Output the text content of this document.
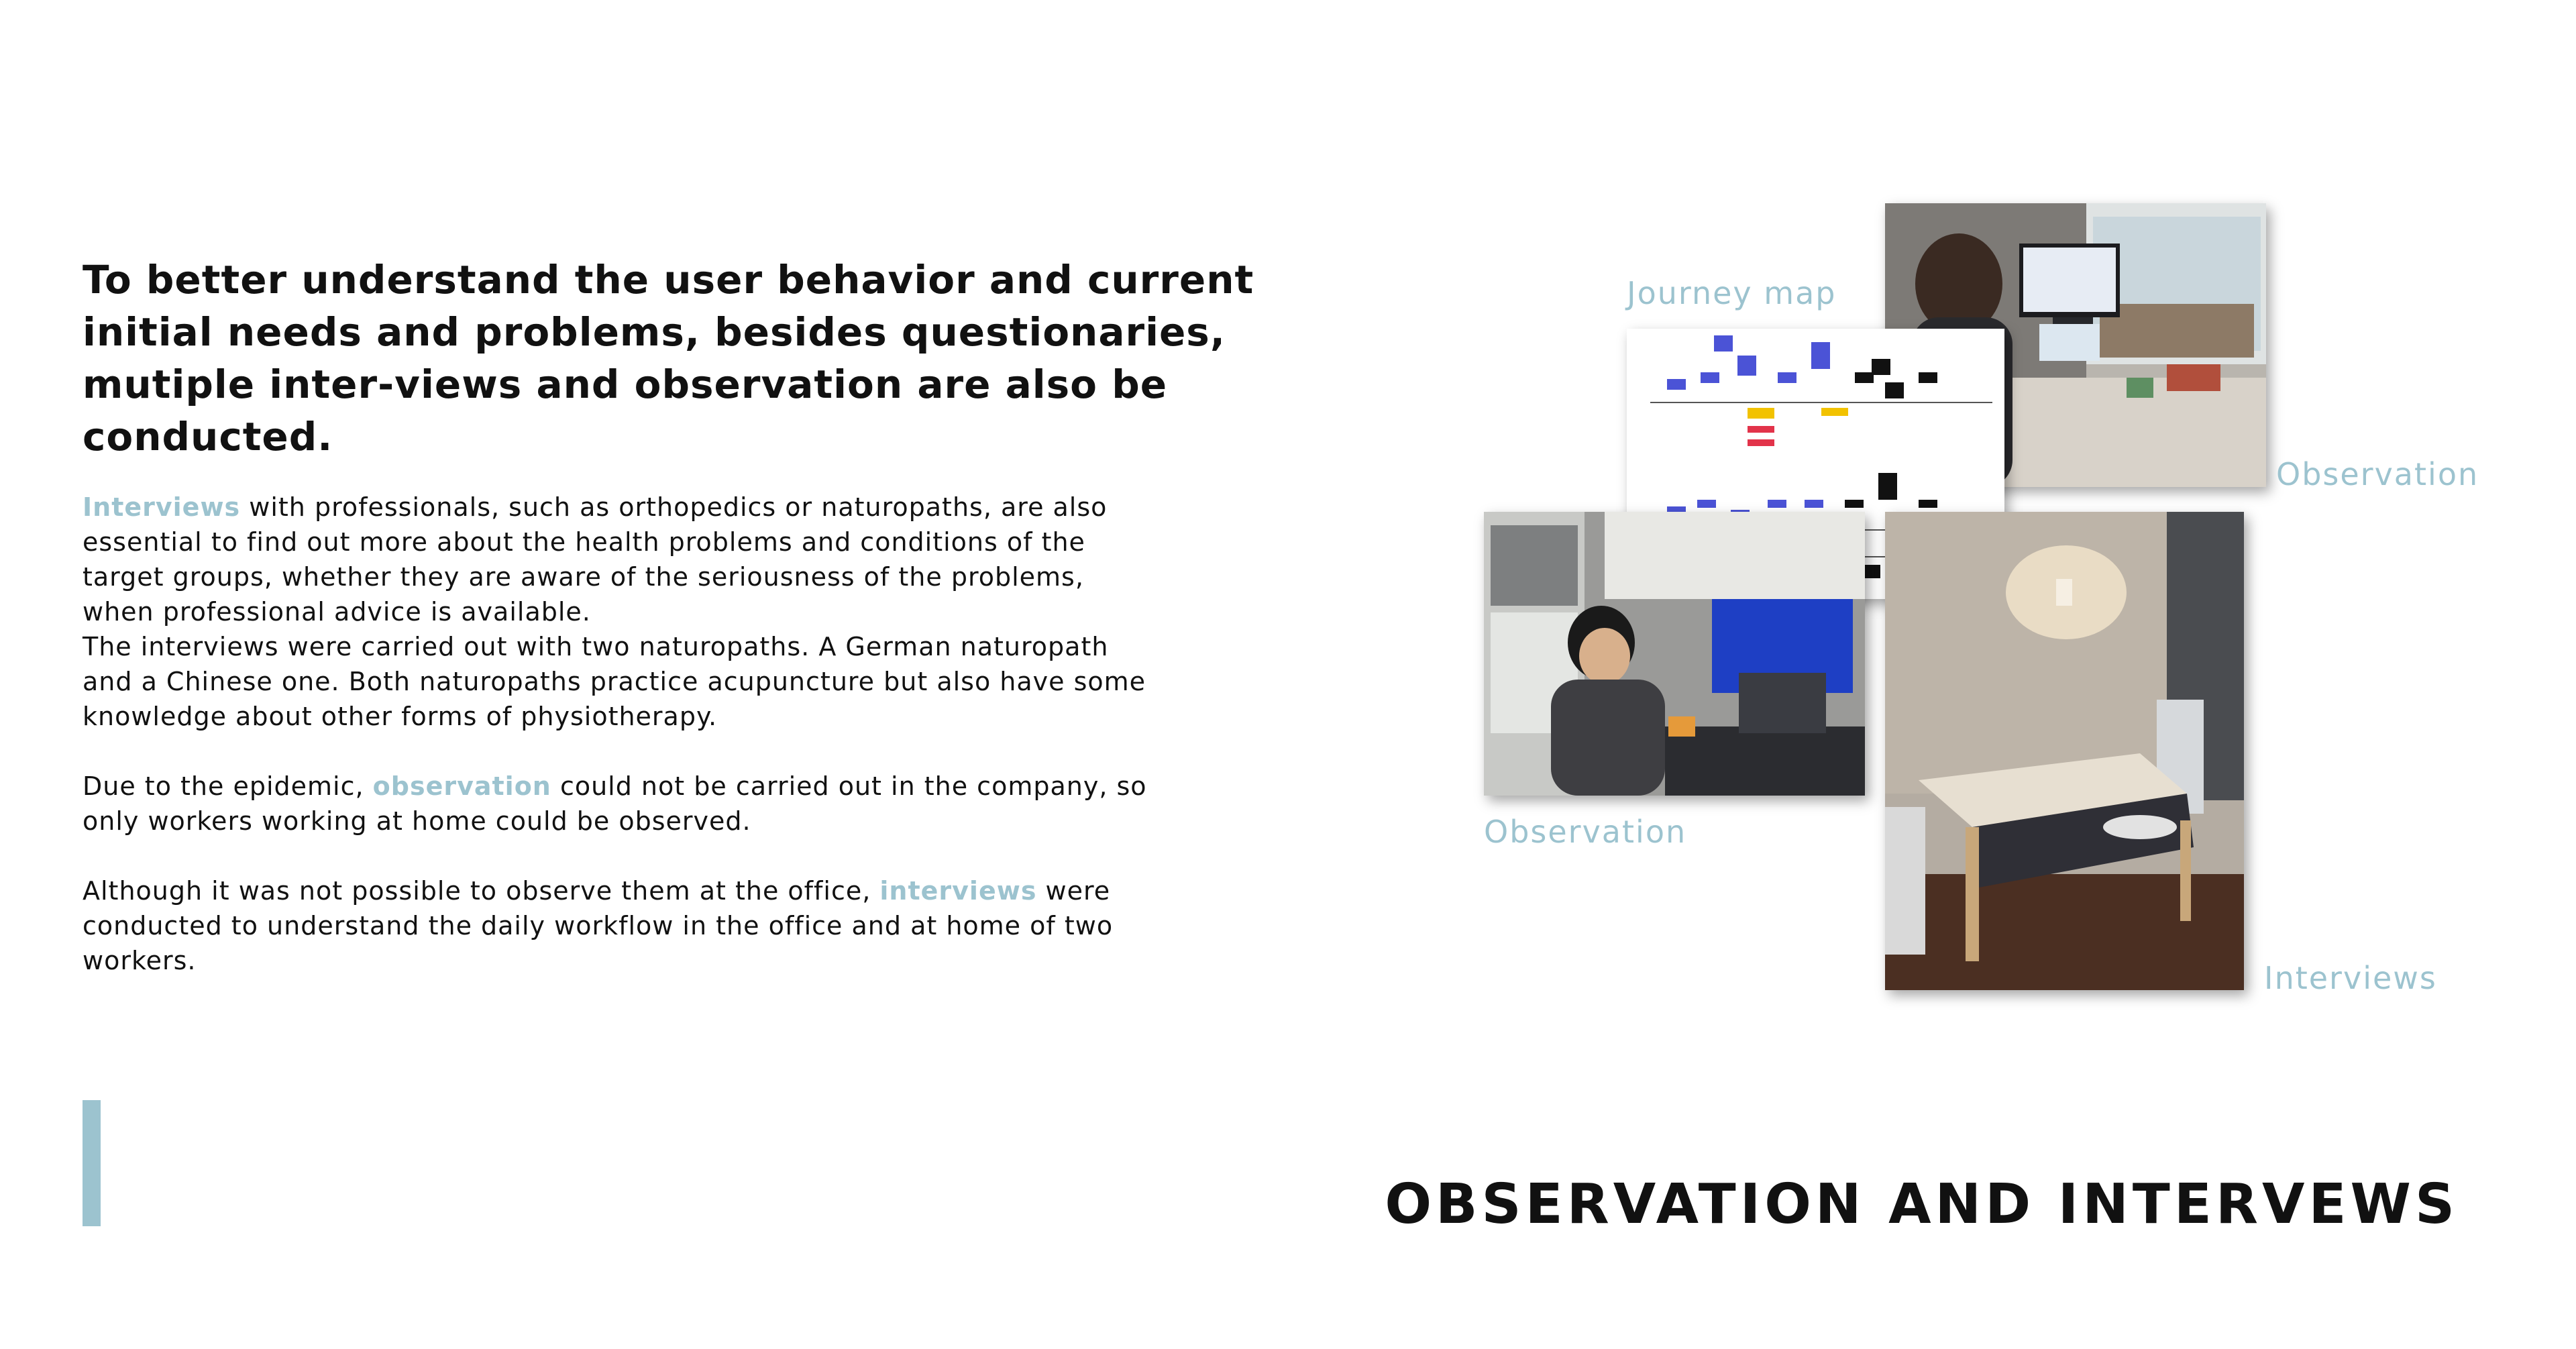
To better understand the user behavior and current initial needs and problems, besides questionaries, mutiple inter-views and observation are also be conducted.

Interviews with professionals, such as orthopedics or naturopaths, are also essential to find out more about the health problems and conditions of the target groups, whether they are aware of the seriousness of the problems, when professional advice is available.
The interviews were carried out with two naturopaths. A German naturopath and a Chinese one. Both naturopaths practice acupuncture but also have some knowledge about other forms of physiotherapy.

Due to the epidemic, observation could not be carried out in the company, so only workers working at home could be observed.

Although it was not possible to observe them at the office, interviews were conducted to understand the daily workflow in the office and at home of two workers.

Journey map
Observation
Observation
Interviews
OBSERVATION AND INTERVEWS
